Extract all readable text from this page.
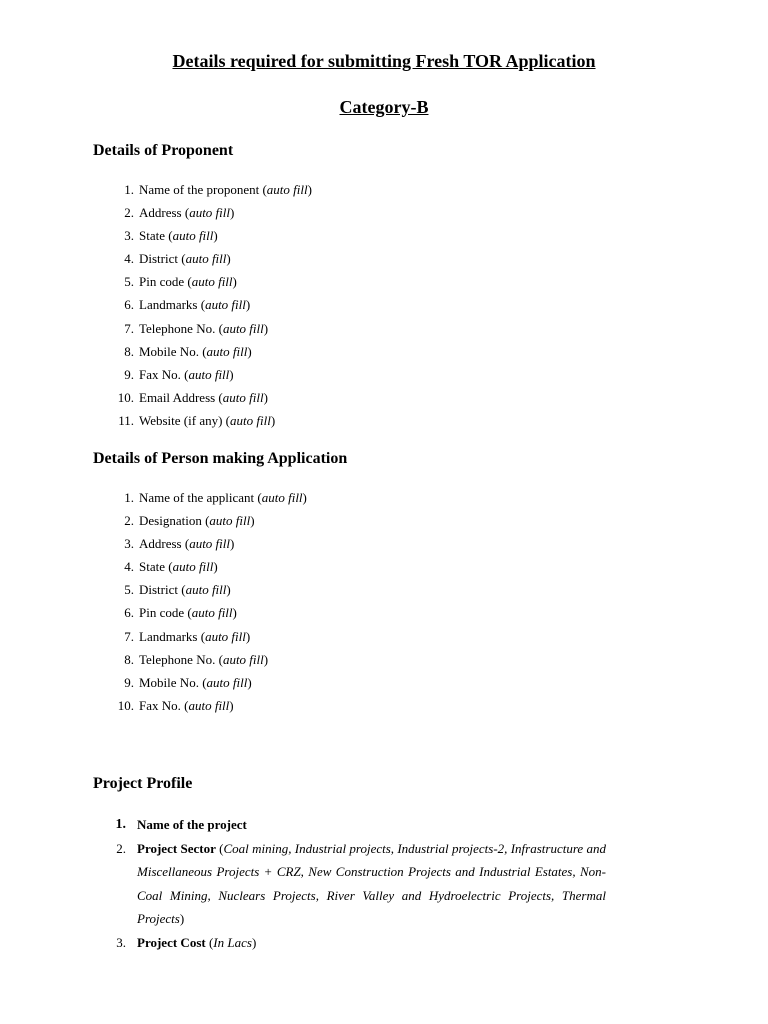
Details required for submitting Fresh TOR Application
Category-B
Details of Proponent
1. Name of the proponent (auto fill)
2. Address (auto fill)
3. State (auto fill)
4. District (auto fill)
5. Pin code (auto fill)
6. Landmarks (auto fill)
7. Telephone No. (auto fill)
8. Mobile No. (auto fill)
9. Fax No. (auto fill)
10. Email Address (auto fill)
11. Website (if any) (auto fill)
Details of Person making Application
1. Name of the applicant (auto fill)
2. Designation (auto fill)
3. Address (auto fill)
4. State (auto fill)
5. District (auto fill)
6. Pin code (auto fill)
7. Landmarks (auto fill)
8. Telephone No. (auto fill)
9. Mobile No. (auto fill)
10. Fax No. (auto fill)
Project Profile
1. Name of the project
2. Project Sector (Coal mining, Industrial projects, Industrial projects-2, Infrastructure and Miscellaneous Projects + CRZ, New Construction Projects and Industrial Estates, Non-Coal Mining, Nuclears Projects, River Valley and Hydroelectric Projects, Thermal Projects)
3. Project Cost (In Lacs)
